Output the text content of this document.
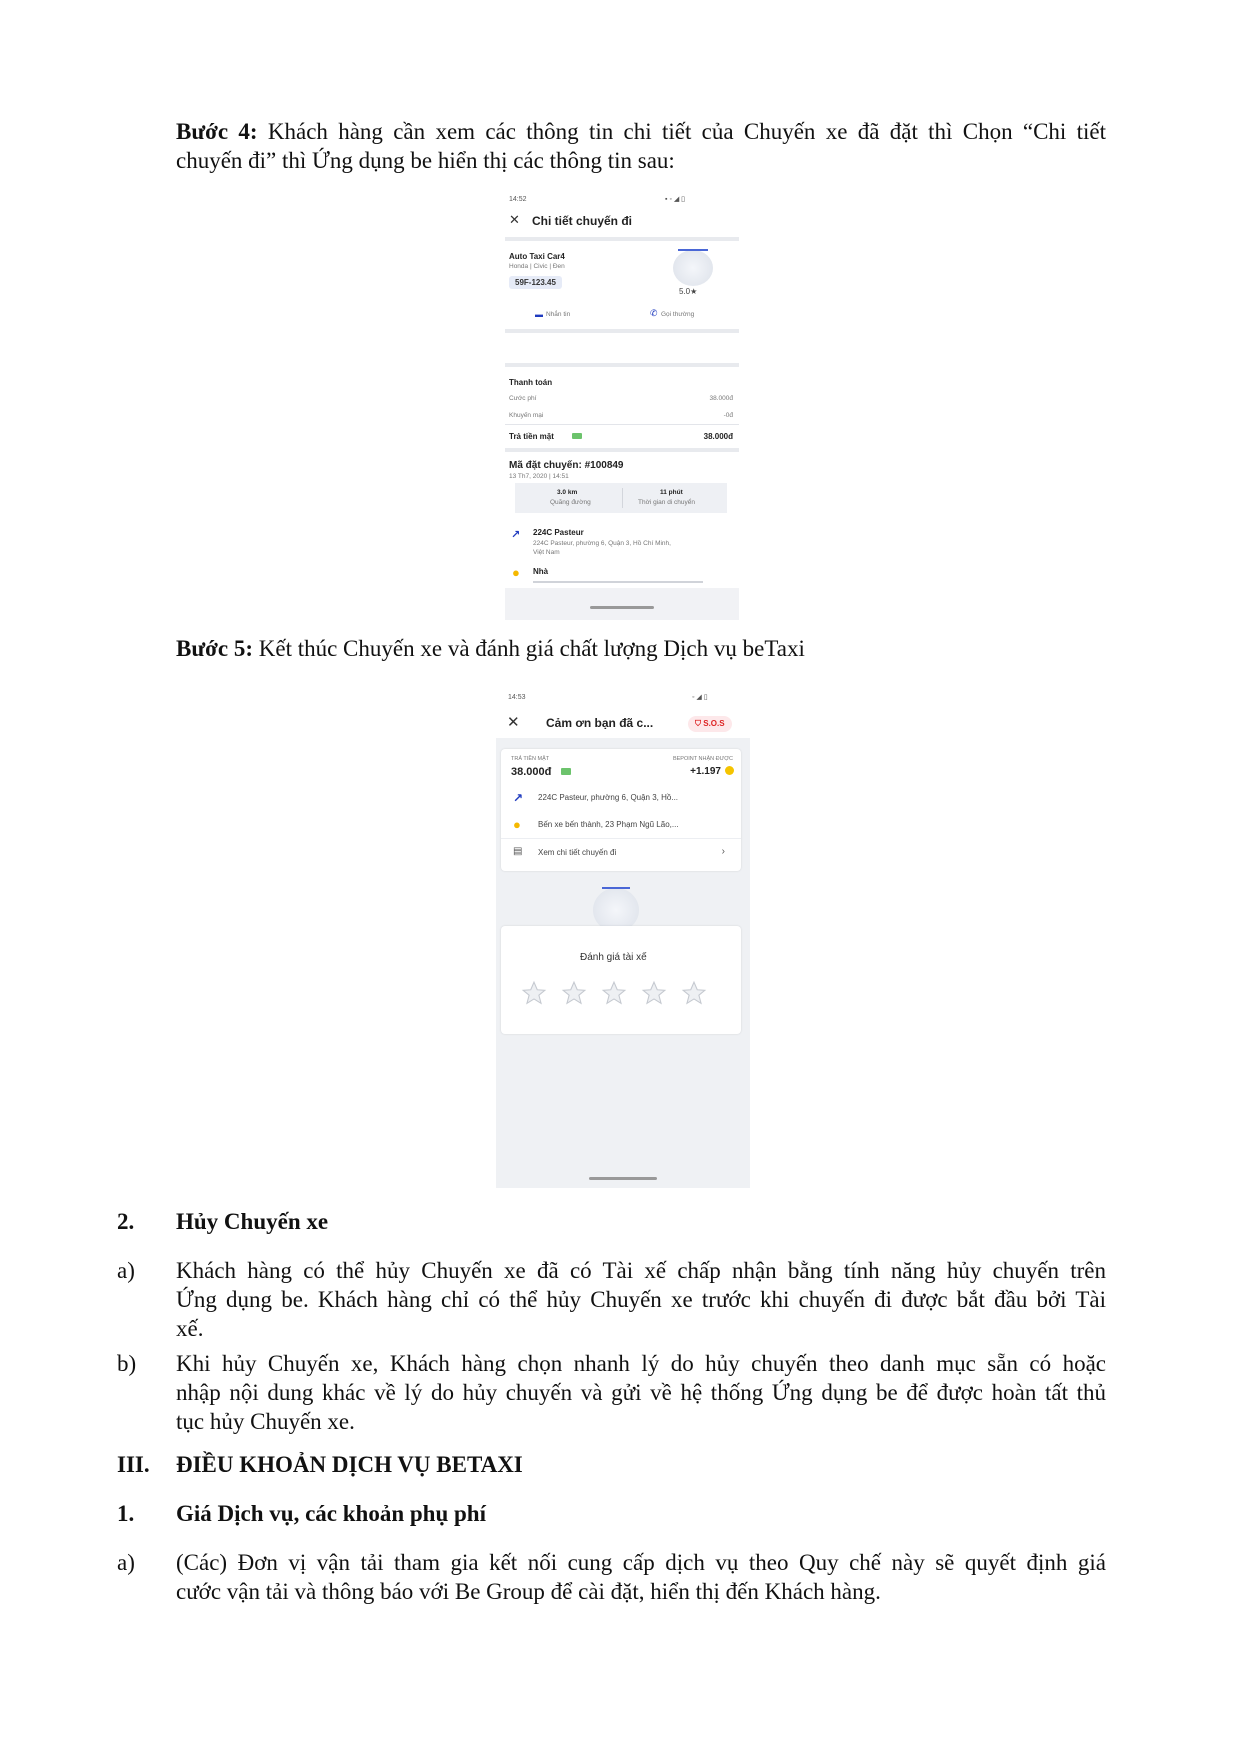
Bước 4: Khách hàng cần xem các thông tin chi tiết của Chuyến xe đã đặt thì Chọn “Chi tiết
chuyến đi” thì Ứng dụng be hiển thị các thông tin sau:
14:52	▪ ◦ ◢ ▯
✕ Chi tiết chuyến đi
Auto Taxi Car4
Honda | Civic | Đen
59F-123.45
5.0★
▬ Nhắn tin	✆ Gọi thường
Thanh toán
Cước phí	38.000đ
Khuyến mại	-0đ
Trả tiền mặt	38.000đ
Mã đặt chuyến: #100849
13 Th7, 2020 | 14:51
3.0 km
Quãng đường
11 phút
Thời gian di chuyển
↗ 224C Pasteur
224C Pasteur, phường 6, Quận 3, Hồ Chí Minh,
Việt Nam
● Nhà
Bước 5: Kết thúc Chuyến xe và đánh giá chất lượng Dịch vụ beTaxi
14:53	◦ ◢ ▯
✕ Cảm ơn bạn đã c...	⛉ S.O.S
TRẢ TIỀN MẶT
38.000đ
BEPOINT NHẬN ĐƯỢC
+1.197
↗ 224C Pasteur, phường 6, Quận 3, Hồ...
● Bến xe bến thành, 23 Phạm Ngũ Lão,...
▤ Xem chi tiết chuyến đi	›
Đánh giá tài xế
2. Hủy Chuyến xe
a) Khách hàng có thể hủy Chuyến xe đã có Tài xế chấp nhận bằng tính năng hủy chuyến trên
Ứng dụng be. Khách hàng chỉ có thể hủy Chuyến xe trước khi chuyến đi được bắt đầu bởi Tài
xế.
b) Khi hủy Chuyến xe, Khách hàng chọn nhanh lý do hủy chuyến theo danh mục sẵn có hoặc
nhập nội dung khác về lý do hủy chuyến và gửi về hệ thống Ứng dụng be để được hoàn tất thủ
tục hủy Chuyến xe.
III. ĐIỀU KHOẢN DỊCH VỤ BETAXI
1. Giá Dịch vụ, các khoản phụ phí
a) (Các) Đơn vị vận tải tham gia kết nối cung cấp dịch vụ theo Quy chế này sẽ quyết định giá
cước vận tải và thông báo với Be Group để cài đặt, hiển thị đến Khách hàng.
